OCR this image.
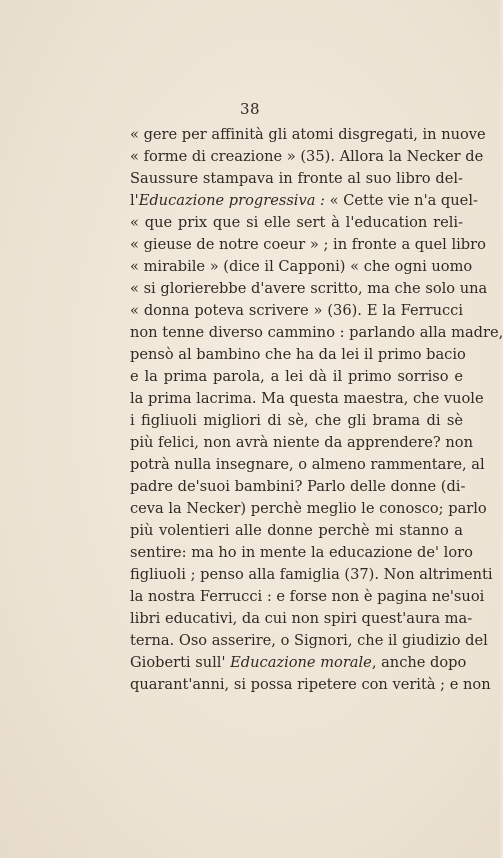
38
« gere per affinità gli atomi disgregati, in nuove
« forme di creazione » (35). Allora la Necker de
Saussure stampava in fronte al suo libro del-
l'Educazione progressiva : « Cette vie n'a quel-
« que prix que si elle sert à l'education reli-
« gieuse de notre coeur » ; in fronte a quel libro
« mirabile » (dice il Capponi) « che ogni uomo
« si glorierebbe d'avere scritto, ma che solo una
« donna poteva scrivere » (36). E la Ferrucci
non tenne diverso cammino : parlando alla madre,
pensò al bambino che ha da lei il primo bacio
e la prima parola, a lei dà il primo sorriso e
la prima lacrima. Ma questa maestra, che vuole
i figliuoli migliori di sè, che gli brama di sè
più felici, non avrà niente da apprendere? non
potrà nulla insegnare, o almeno rammentare, al
padre de'suoi bambini? Parlo delle donne (di-
ceva la Necker) perchè meglio le conosco; parlo
più volentieri alle donne perchè mi stanno a
sentire: ma ho in mente la educazione de' loro
figliuoli ; penso alla famiglia (37). Non altrimenti
la nostra Ferrucci : e forse non è pagina ne'suoi
libri educativi, da cui non spiri quest'aura ma-
terna. Oso asserire, o Signori, che il giudizio del
Gioberti sull' Educazione morale, anche dopo
quarant'anni, si possa ripetere con verità ; e non
